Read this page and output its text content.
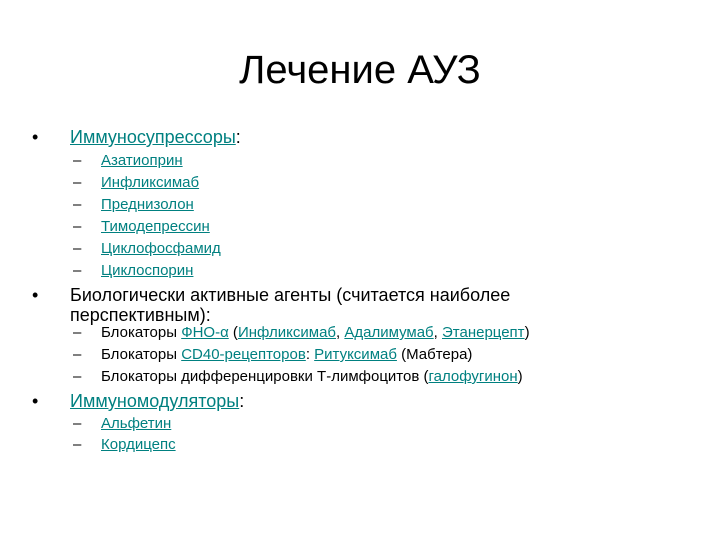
Лечение АУЗ
•	Иммуносупрессоры:
– Азатиоприн
– Инфликсимаб
– Преднизолон
– Тимодепрессин
– Циклофосфамид
– Циклоспорин
•	Биологически активные агенты (считается наиболее перспективным):
– Блокаторы ФНО-α (Инфликсимаб, Адалимумаб, Этанерцепт)
– Блокаторы CD40-рецепторов: Ритуксимаб (Мабтера)
– Блокаторы дифференцировки Т-лимфоцитов (галофугинон)
•	Иммуномодуляторы:
– Альфетин
– Кордицепс
